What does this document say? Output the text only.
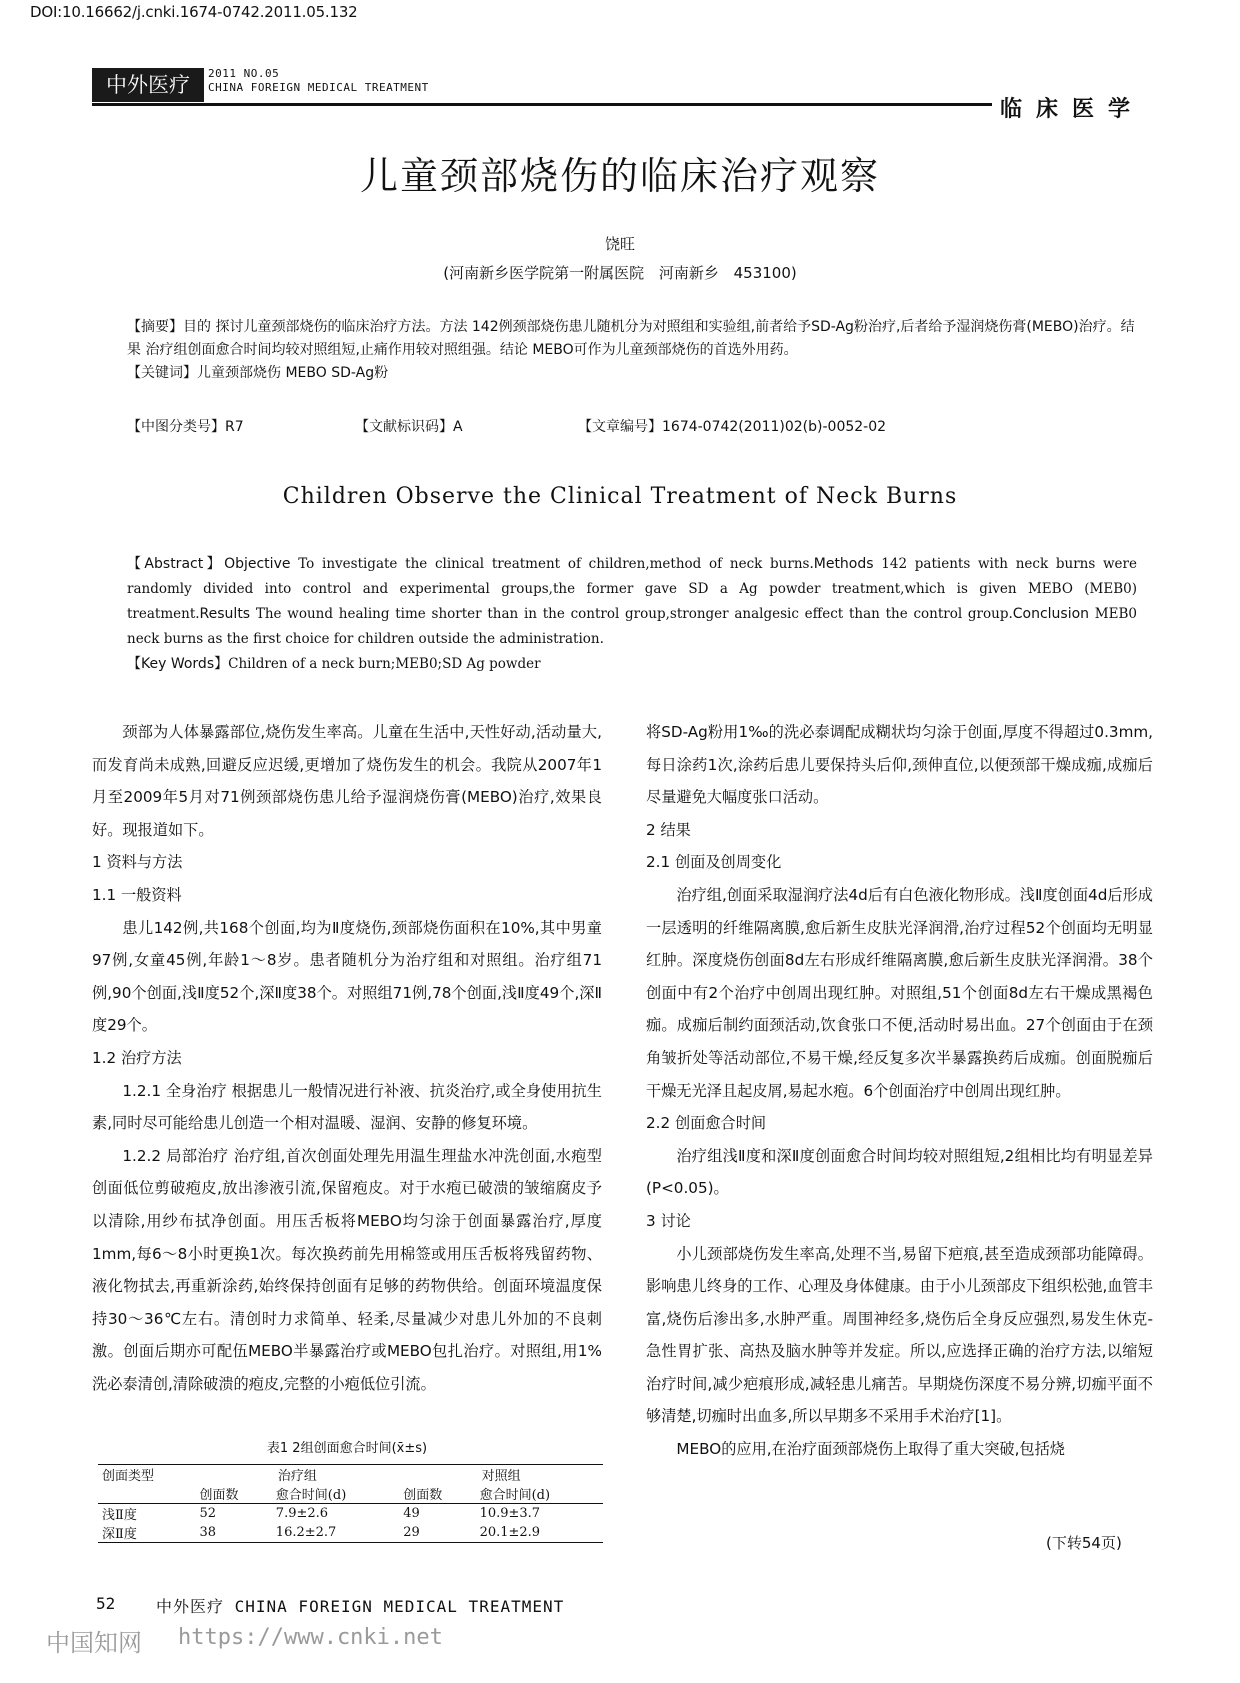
DOI:10.16662/j.cnki.1674-0742.2011.05.132
中外医疗	2011 NO.05
CHINA FOREIGN MEDICAL TREATMENT
临床医学
儿童颈部烧伤的临床治疗观察
饶旺
(河南新乡医学院第一附属医院 河南新乡 453100)

【摘要】目的 探讨儿童颈部烧伤的临床治疗方法。方法 142例颈部烧伤患儿随机分为对照组和实验组,前者给予SD-Ag粉治疗,后者给予湿润烧伤膏(MEBO)治疗。结果 治疗组创面愈合时间均较对照组短,止痛作用较对照组强。结论 MEBO可作为儿童颈部烧伤的首选外用药。

【关键词】儿童颈部烧伤 MEBO SD-Ag粉

【中图分类号】R7	【文献标识码】A	【文章编号】1674-0742(2011)02(b)-0052-02
Children Observe the Clinical Treatment of Neck Burns

【Abstract】Objective To investigate the clinical treatment of children,method of neck burns.Methods 142 patients with neck burns were randomly divided into control and experimental groups,the former gave SD a Ag powder treatment,which is given MEBO (MEB0) treatment.Results The wound healing time shorter than in the control group,stronger analgesic effect than the control group.Conclusion MEB0 neck burns as the first choice for children outside the administration.

【Key Words】Children of a neck burn;MEB0;SD Ag powder

颈部为人体暴露部位,烧伤发生率高。儿童在生活中,天性好动,活动量大,而发育尚未成熟,回避反应迟缓,更增加了烧伤发生的机会。我院从2007年1月至2009年5月对71例颈部烧伤患儿给予湿润烧伤膏(MEBO)治疗,效果良好。现报道如下。

1 资料与方法

1.1 一般资料

患儿142例,共168个创面,均为Ⅱ度烧伤,颈部烧伤面积在10%,其中男童97例,女童45例,年龄1～8岁。患者随机分为治疗组和对照组。治疗组71例,90个创面,浅Ⅱ度52个,深Ⅱ度38个。对照组71例,78个创面,浅Ⅱ度49个,深Ⅱ度29个。

1.2 治疗方法

1.2.1 全身治疗 根据患儿一般情况进行补液、抗炎治疗,或全身使用抗生素,同时尽可能给患儿创造一个相对温暖、湿润、安静的修复环境。

1.2.2 局部治疗 治疗组,首次创面处理先用温生理盐水冲洗创面,水疱型创面低位剪破疱皮,放出渗液引流,保留疱皮。对于水疱已破溃的皱缩腐皮予以清除,用纱布拭净创面。用压舌板将MEBO均匀涂于创面暴露治疗,厚度1mm,每6～8小时更换1次。每次换药前先用棉签或用压舌板将残留药物、液化物拭去,再重新涂药,始终保持创面有足够的药物供给。创面环境温度保持30～36℃左右。清创时力求简单、轻柔,尽量减少对患儿外加的不良刺激。创面后期亦可配伍MEBO半暴露治疗或MEBO包扎治疗。对照组,用1%洗必泰清创,清除破溃的疱皮,完整的小疱低位引流。

表1 2组创面愈合时间(x̄±s)
创面类型	治疗组		对照组	
	创面数	愈合时间(d)	创面数	愈合时间(d)
浅Ⅱ度	52	7.9±2.6	49	10.9±3.7
深Ⅱ度	38	16.2±2.7	29	20.1±2.9

将SD-Ag粉用1‰的洗必泰调配成糊状均匀涂于创面,厚度不得超过0.3mm,每日涂药1次,涂药后患儿要保持头后仰,颈伸直位,以便颈部干燥成痂,成痂后尽量避免大幅度张口活动。

2 结果

2.1 创面及创周变化

治疗组,创面采取湿润疗法4d后有白色液化物形成。浅Ⅱ度创面4d后形成一层透明的纤维隔离膜,愈后新生皮肤光泽润滑,治疗过程52个创面均无明显红肿。深度烧伤创面8d左右形成纤维隔离膜,愈后新生皮肤光泽润滑。38个创面中有2个治疗中创周出现红肿。对照组,51个创面8d左右干燥成黑褐色痂。成痂后制约面颈活动,饮食张口不便,活动时易出血。27个创面由于在颈角皱折处等活动部位,不易干燥,经反复多次半暴露换药后成痂。创面脱痂后干燥无光泽且起皮屑,易起水疱。6个创面治疗中创周出现红肿。

2.2 创面愈合时间

治疗组浅Ⅱ度和深Ⅱ度创面愈合时间均较对照组短,2组相比均有明显差异(P<0.05)。

3 讨论

小儿颈部烧伤发生率高,处理不当,易留下疤痕,甚至造成颈部功能障碍。影响患儿终身的工作、心理及身体健康。由于小儿颈部皮下组织松弛,血管丰富,烧伤后渗出多,水肿严重。周围神经多,烧伤后全身反应强烈,易发生休克-急性胃扩张、高热及脑水肿等并发症。所以,应选择正确的治疗方法,以缩短治疗时间,减少疤痕形成,减轻患儿痛苦。早期烧伤深度不易分辨,切痂平面不够清楚,切痂时出血多,所以早期多不采用手术治疗[1]。

MEBO的应用,在治疗面颈部烧伤上取得了重大突破,包括烧

(下转54页)
52	中外医疗 CHINA FOREIGN MEDICAL TREATMENT
中国知网 https://www.cnki.net
